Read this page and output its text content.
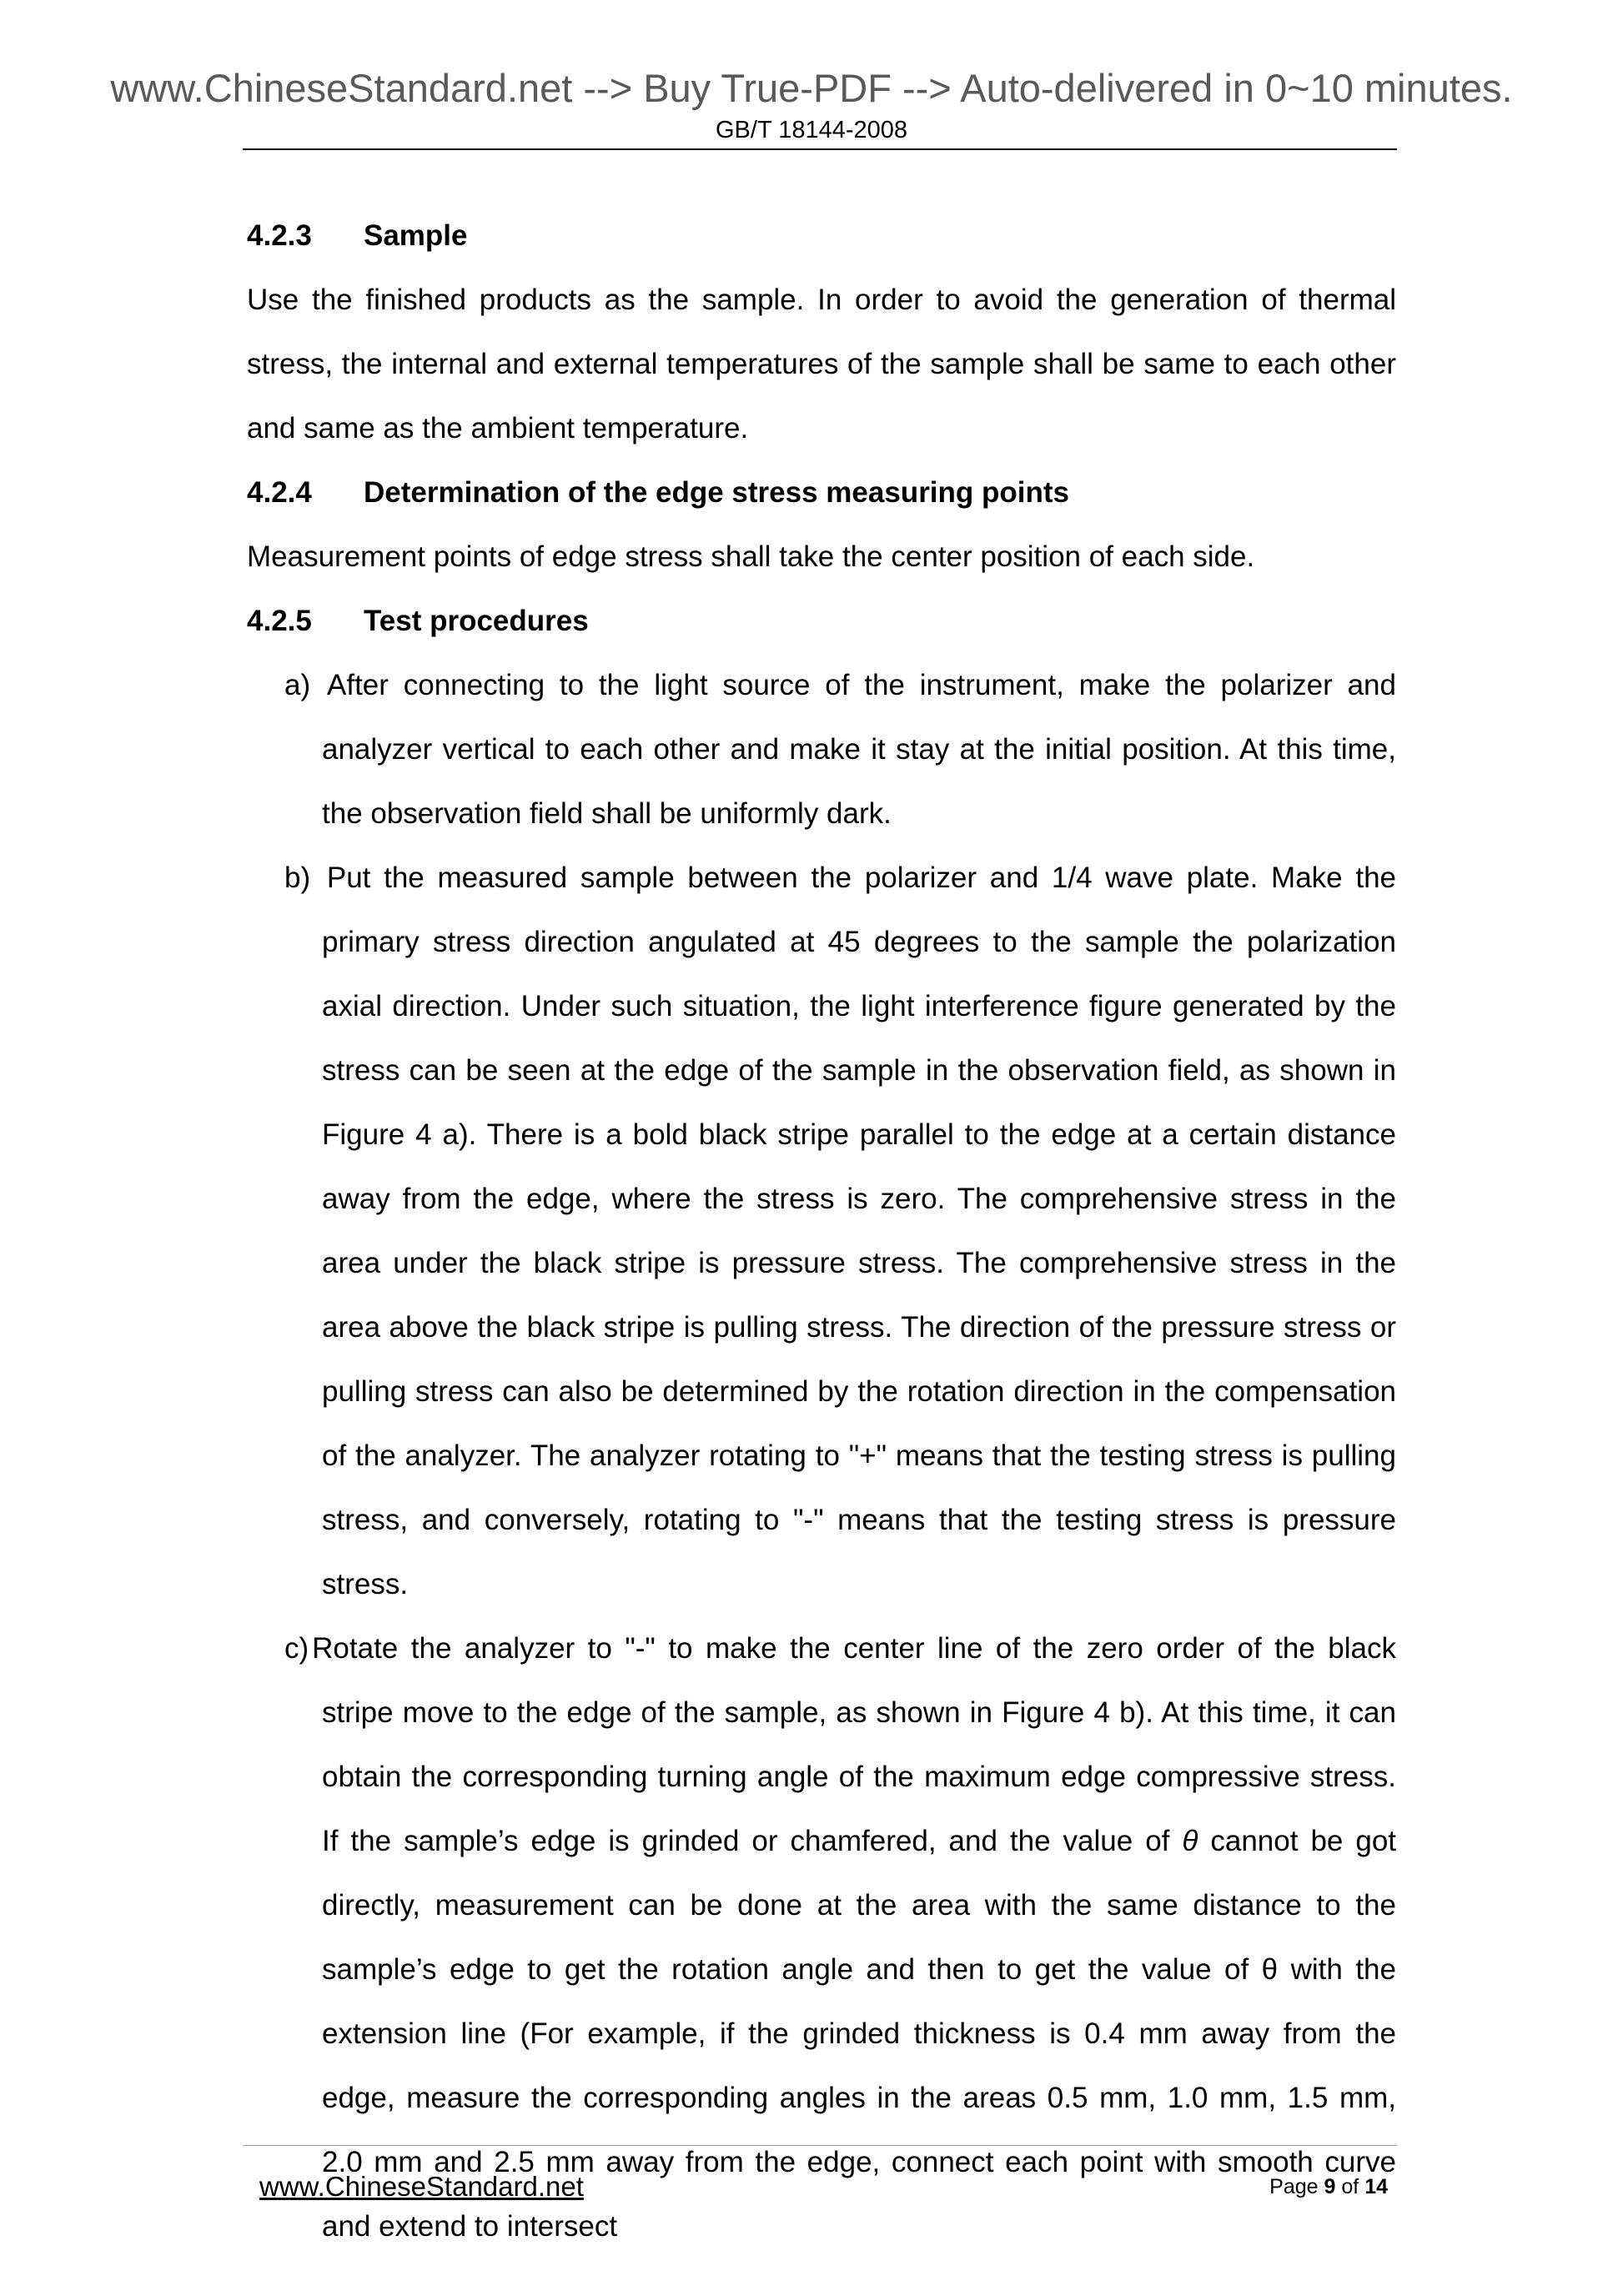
www.ChineseStandard.net --> Buy True-PDF --> Auto-delivered in 0~10 minutes.
GB/T 18144-2008
4.2.3 Sample
Use the finished products as the sample. In order to avoid the generation of thermal stress, the internal and external temperatures of the sample shall be same to each other and same as the ambient temperature.
4.2.4 Determination of the edge stress measuring points
Measurement points of edge stress shall take the center position of each side.
4.2.5 Test procedures
a) After connecting to the light source of the instrument, make the polarizer and analyzer vertical to each other and make it stay at the initial position. At this time, the observation field shall be uniformly dark.
b) Put the measured sample between the polarizer and 1/4 wave plate. Make the primary stress direction angulated at 45 degrees to the sample the polarization axial direction. Under such situation, the light interference figure generated by the stress can be seen at the edge of the sample in the observation field, as shown in Figure 4 a). There is a bold black stripe parallel to the edge at a certain distance away from the edge, where the stress is zero. The comprehensive stress in the area under the black stripe is pressure stress. The comprehensive stress in the area above the black stripe is pulling stress. The direction of the pressure stress or pulling stress can also be determined by the rotation direction in the compensation of the analyzer. The analyzer rotating to "+" means that the testing stress is pulling stress, and conversely, rotating to "-" means that the testing stress is pressure stress.
c) Rotate the analyzer to "-" to make the center line of the zero order of the black stripe move to the edge of the sample, as shown in Figure 4 b). At this time, it can obtain the corresponding turning angle of the maximum edge compressive stress. If the sample’s edge is grinded or chamfered, and the value of θ cannot be got directly, measurement can be done at the area with the same distance to the sample’s edge to get the rotation angle and then to get the value of θ with the extension line (For example, if the grinded thickness is 0.4 mm away from the edge, measure the corresponding angles in the areas 0.5 mm, 1.0 mm, 1.5 mm, 2.0 mm and 2.5 mm away from the edge, connect each point with smooth curve and extend to intersect
www.ChineseStandard.net	Page 9 of 14
